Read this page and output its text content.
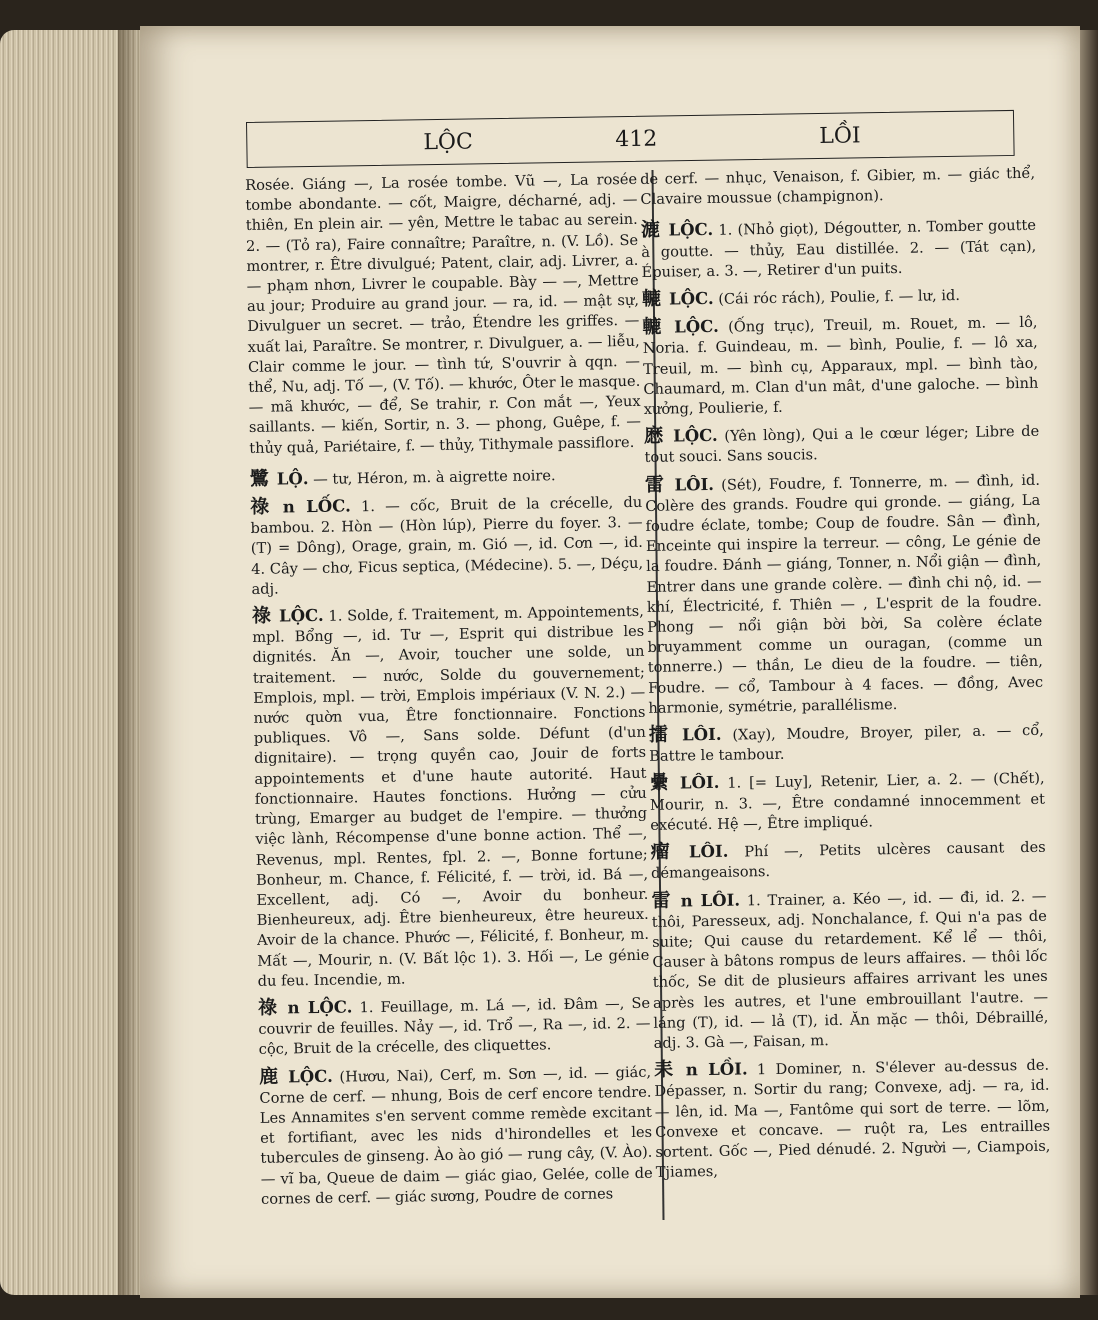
LỘC	412	LỒI

Rosée. Giáng —, La rosée tombe. Vũ —, La rosée tombe abondante. — cốt, Maigre, décharné, adj. — thiên, En plein air. — yên, Mettre le tabac au serein. 2. — (Tỏ ra), Faire connaître; Paraître, n. (V. Lồ). Se montrer, r. Être divulgué; Patent, clair, adj. Livrer, a. — phạm nhơn, Livrer le coupable. Bày — —, Mettre au jour; Produire au grand jour. — ra, id. — mật sự, Divulguer un secret. — trảo, Étendre les griffes. — xuất lai, Paraître. Se montrer, r. Divulguer, a. — liễu, Clair comme le jour. — tình tứ, S'ouvrir à qqn. — thể, Nu, adj. Tố —, (V. Tố). — khước, Ôter le masque. — mã khước, — để, Se trahir, r. Con mắt —, Yeux saillants. — kiến, Sortir, n. 3. — phong, Guêpe, f. — thủy quả, Pariétaire, f. — thủy, Tithymale passiflore.

鷺 LỘ. — tư, Héron, m. à aigrette noire.

祿 n LỐC. 1. — cốc, Bruit de la crécelle, du bambou. 2. Hòn — (Hòn lúp), Pierre du foyer. 3. — (T) = Dông), Orage, grain, m. Gió —, id. Cơn —, id. 4. Cây — chơ, Ficus septica, (Médecine). 5. —, Déçu, adj.

祿 LỘC. 1. Solde, f. Traitement, m. Appointements, mpl. Bổng —, id. Tư —, Esprit qui distribue les dignités. Ăn —, Avoir, toucher une solde, un traitement. — nước, Solde du gouvernement; Emplois, mpl. — trời, Emplois impériaux (V. N. 2.) — nước quờn vua, Être fonctionnaire. Fonctions publiques. Vô —, Sans solde. Défunt (d'un dignitaire). — trọng quyền cao, Jouir de forts appointements et d'une haute autorité. Haut fonctionnaire. Hautes fonctions. Hưởng — cửu trùng, Emarger au budget de l'empire. — thưởng việc lành, Récompense d'une bonne action. Thể —, Revenus, mpl. Rentes, fpl. 2. —, Bonne fortune; Bonheur, m. Chance, f. Félicité, f. — trời, id. Bá —, Excellent, adj. Có —, Avoir du bonheur. Bienheureux, adj. Être bienheureux, être heureux. Avoir de la chance. Phước —, Félicité, f. Bonheur, m. Mất —, Mourir, n. (V. Bất lộc 1). 3. Hối —, Le génie du feu. Incendie, m.

祿 n LỘC. 1. Feuillage, m. Lá —, id. Đâm —, Se couvrir de feuilles. Nảy —, id. Trổ —, Ra —, id. 2. — cộc, Bruit de la crécelle, des cliquettes.

鹿 LỘC. (Hươu, Nai), Cerf, m. Sơn —, id. — giác, Corne de cerf. — nhung, Bois de cerf encore tendre. Les Annamites s'en servent comme remède excitant et fortifiant, avec les nids d'hirondelles et les tubercules de ginseng. Ào ào gió — rung cây, (V. Ào). — vĩ ba, Queue de daim — giác giao, Gelée, colle de cornes de cerf. — giác sương, Poudre de cornes

de cerf. — nhục, Venaison, f. Gibier, m. — giác thể, Clavaire moussue (champignon).

漉 LỘC. 1. (Nhỏ giọt), Dégoutter, n. Tomber goutte à goutte. — thủy, Eau distillée. 2. — (Tát cạn), Épuiser, a. 3. —, Retirer d'un puits.

轆 LỘC. (Cái róc rách), Poulie, f. — lư, id.

轆 LỘC. (Ống trục), Treuil, m. Rouet, m. — lô, Noria. f. Guindeau, m. — bình, Poulie, f. — lô xa, Treuil, m. — bình cụ, Apparaux, mpl. — bình tào, Chaumard, m. Clan d'un mât, d'une galoche. — bình xưởng, Poulierie, f.

㦄 LỘC. (Yên lòng), Qui a le cœur léger; Libre de tout souci. Sans soucis.

雷 LÔI. (Sét), Foudre, f. Tonnerre, m. — đình, id. Colère des grands. Foudre qui gronde. — giáng, La foudre éclate, tombe; Coup de foudre. Sân — đình, Enceinte qui inspire la terreur. — công, Le génie de la foudre. Đánh — giáng, Tonner, n. Nổi giận — đình, Entrer dans une grande colère. — đình chi nộ, id. — khí, Électricité, f. Thiên — , L'esprit de la foudre. Phong — nổi giận bời bời, Sa colère éclate bruyamment comme un ouragan, (comme un tonnerre.) — thần, Le dieu de la foudre. — tiên, Foudre. — cổ, Tambour à 4 faces. — đồng, Avec harmonie, symétrie, parallélisme.

擂 LÔI. (Xay), Moudre, Broyer, piler, a. — cổ, Battre le tambour.

纍 LÔI. 1. [= Luy], Retenir, Lier, a. 2. — (Chết), Mourir, n. 3. —, Être condamné innocemment et exécuté. Hệ —, Être impliqué.

瘤 LÔI. Phí —, Petits ulcères causant des démangeaisons.

雷 n LÔI. 1. Trainer, a. Kéo —, id. — đi, id. 2. — thôi, Paresseux, adj. Nonchalance, f. Qui n'a pas de suite; Qui cause du retardement. Kể lể — thôi, Causer à bâtons rompus de leurs affaires. — thôi lốc thốc, Se dit de plusieurs affaires arrivant les unes après les autres, et l'une embrouillant l'autre. — láng (T), id. — lả (T), id. Ăn mặc — thôi, Débraillé, adj. 3. Gà —, Faisan, m.

耒 n LỒI. 1 Dominer, n. S'élever au-dessus de. Dépasser, n. Sortir du rang; Convexe, adj. — ra, id. — lên, id. Ma —, Fantôme qui sort de terre. — lõm, Convexe et concave. — ruột ra, Les entrailles sortent. Gốc —, Pied dénudé. 2. Người —, Ciampois, Tjiames,
